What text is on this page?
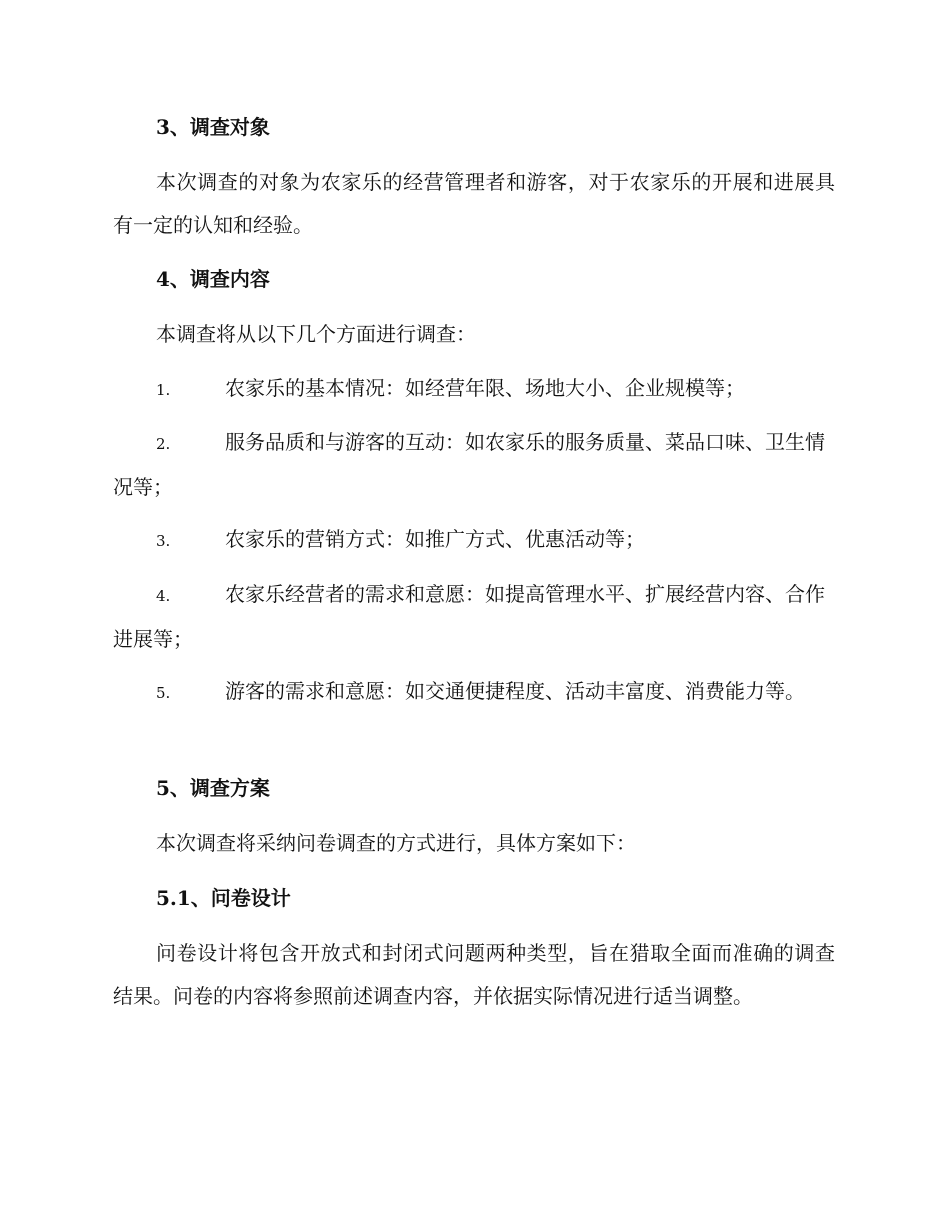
3、调查对象
本次调查的对象为农家乐的经营管理者和游客，对于农家乐的开展和进展具有一定的认知和经验。
4、调查内容
本调查将从以下几个方面进行调查：
1.	农家乐的基本情况：如经营年限、场地大小、企业规模等；
2.	服务品质和与游客的互动：如农家乐的服务质量、菜品口味、卫生情况等；
3.	农家乐的营销方式：如推广方式、优惠活动等；
4.	农家乐经营者的需求和意愿：如提高管理水平、扩展经营内容、合作进展等；
5.	游客的需求和意愿：如交通便捷程度、活动丰富度、消费能力等。
5、调查方案
本次调查将采纳问卷调查的方式进行，具体方案如下：
5.1、问卷设计
问卷设计将包含开放式和封闭式问题两种类型，旨在猎取全面而准确的调查结果。问卷的内容将参照前述调查内容，并依据实际情况进行适当调整。
